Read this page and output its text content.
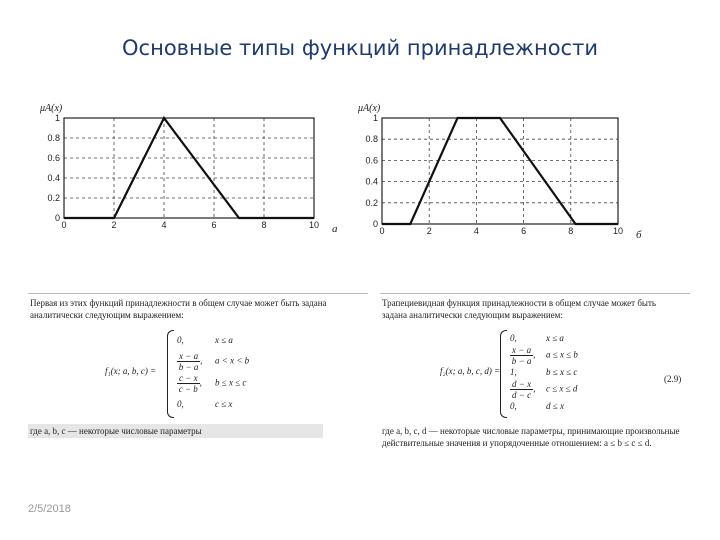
Основные типы функций принадлежности
0	2	4	6	8	10
0
0.2
0.4
0.6
0.8
1
μA(x)
а	0	2	4	6	8	10
0
0.2
0.4
0.6
0.8
1
μA(x)
б
Первая из этих функций принадлежности в общем случае может быть задана аналитически следующим выражением:
f₁(x; a, b, c) =
0,	x ≤ a
$\frac{x - a}{b - a}$ , a < x < b
$\frac{c - x}{c - b}$ , b ≤ x ≤ c
0,	c ≤ x
где a, b, c — некоторые числовые параметры
Трапециевидная функция принадлежности в общем случае может быть задана аналитически следующим выражением:
f₂(x; a, b, c, d) =
0,	x ≤ a
$\frac{x - a}{b - a}$ , a ≤ x ≤ b
1,	b ≤ x ≤ c
$\frac{d - x}{d - c}$ , c ≤ x ≤ d
0,	d ≤ x
(2.9)
где a, b, c, d — некоторые числовые параметры, принимающие произвольные действительные значения и упорядоченные отношением: a ≤ b ≤ c ≤ d.
2/5/2018
